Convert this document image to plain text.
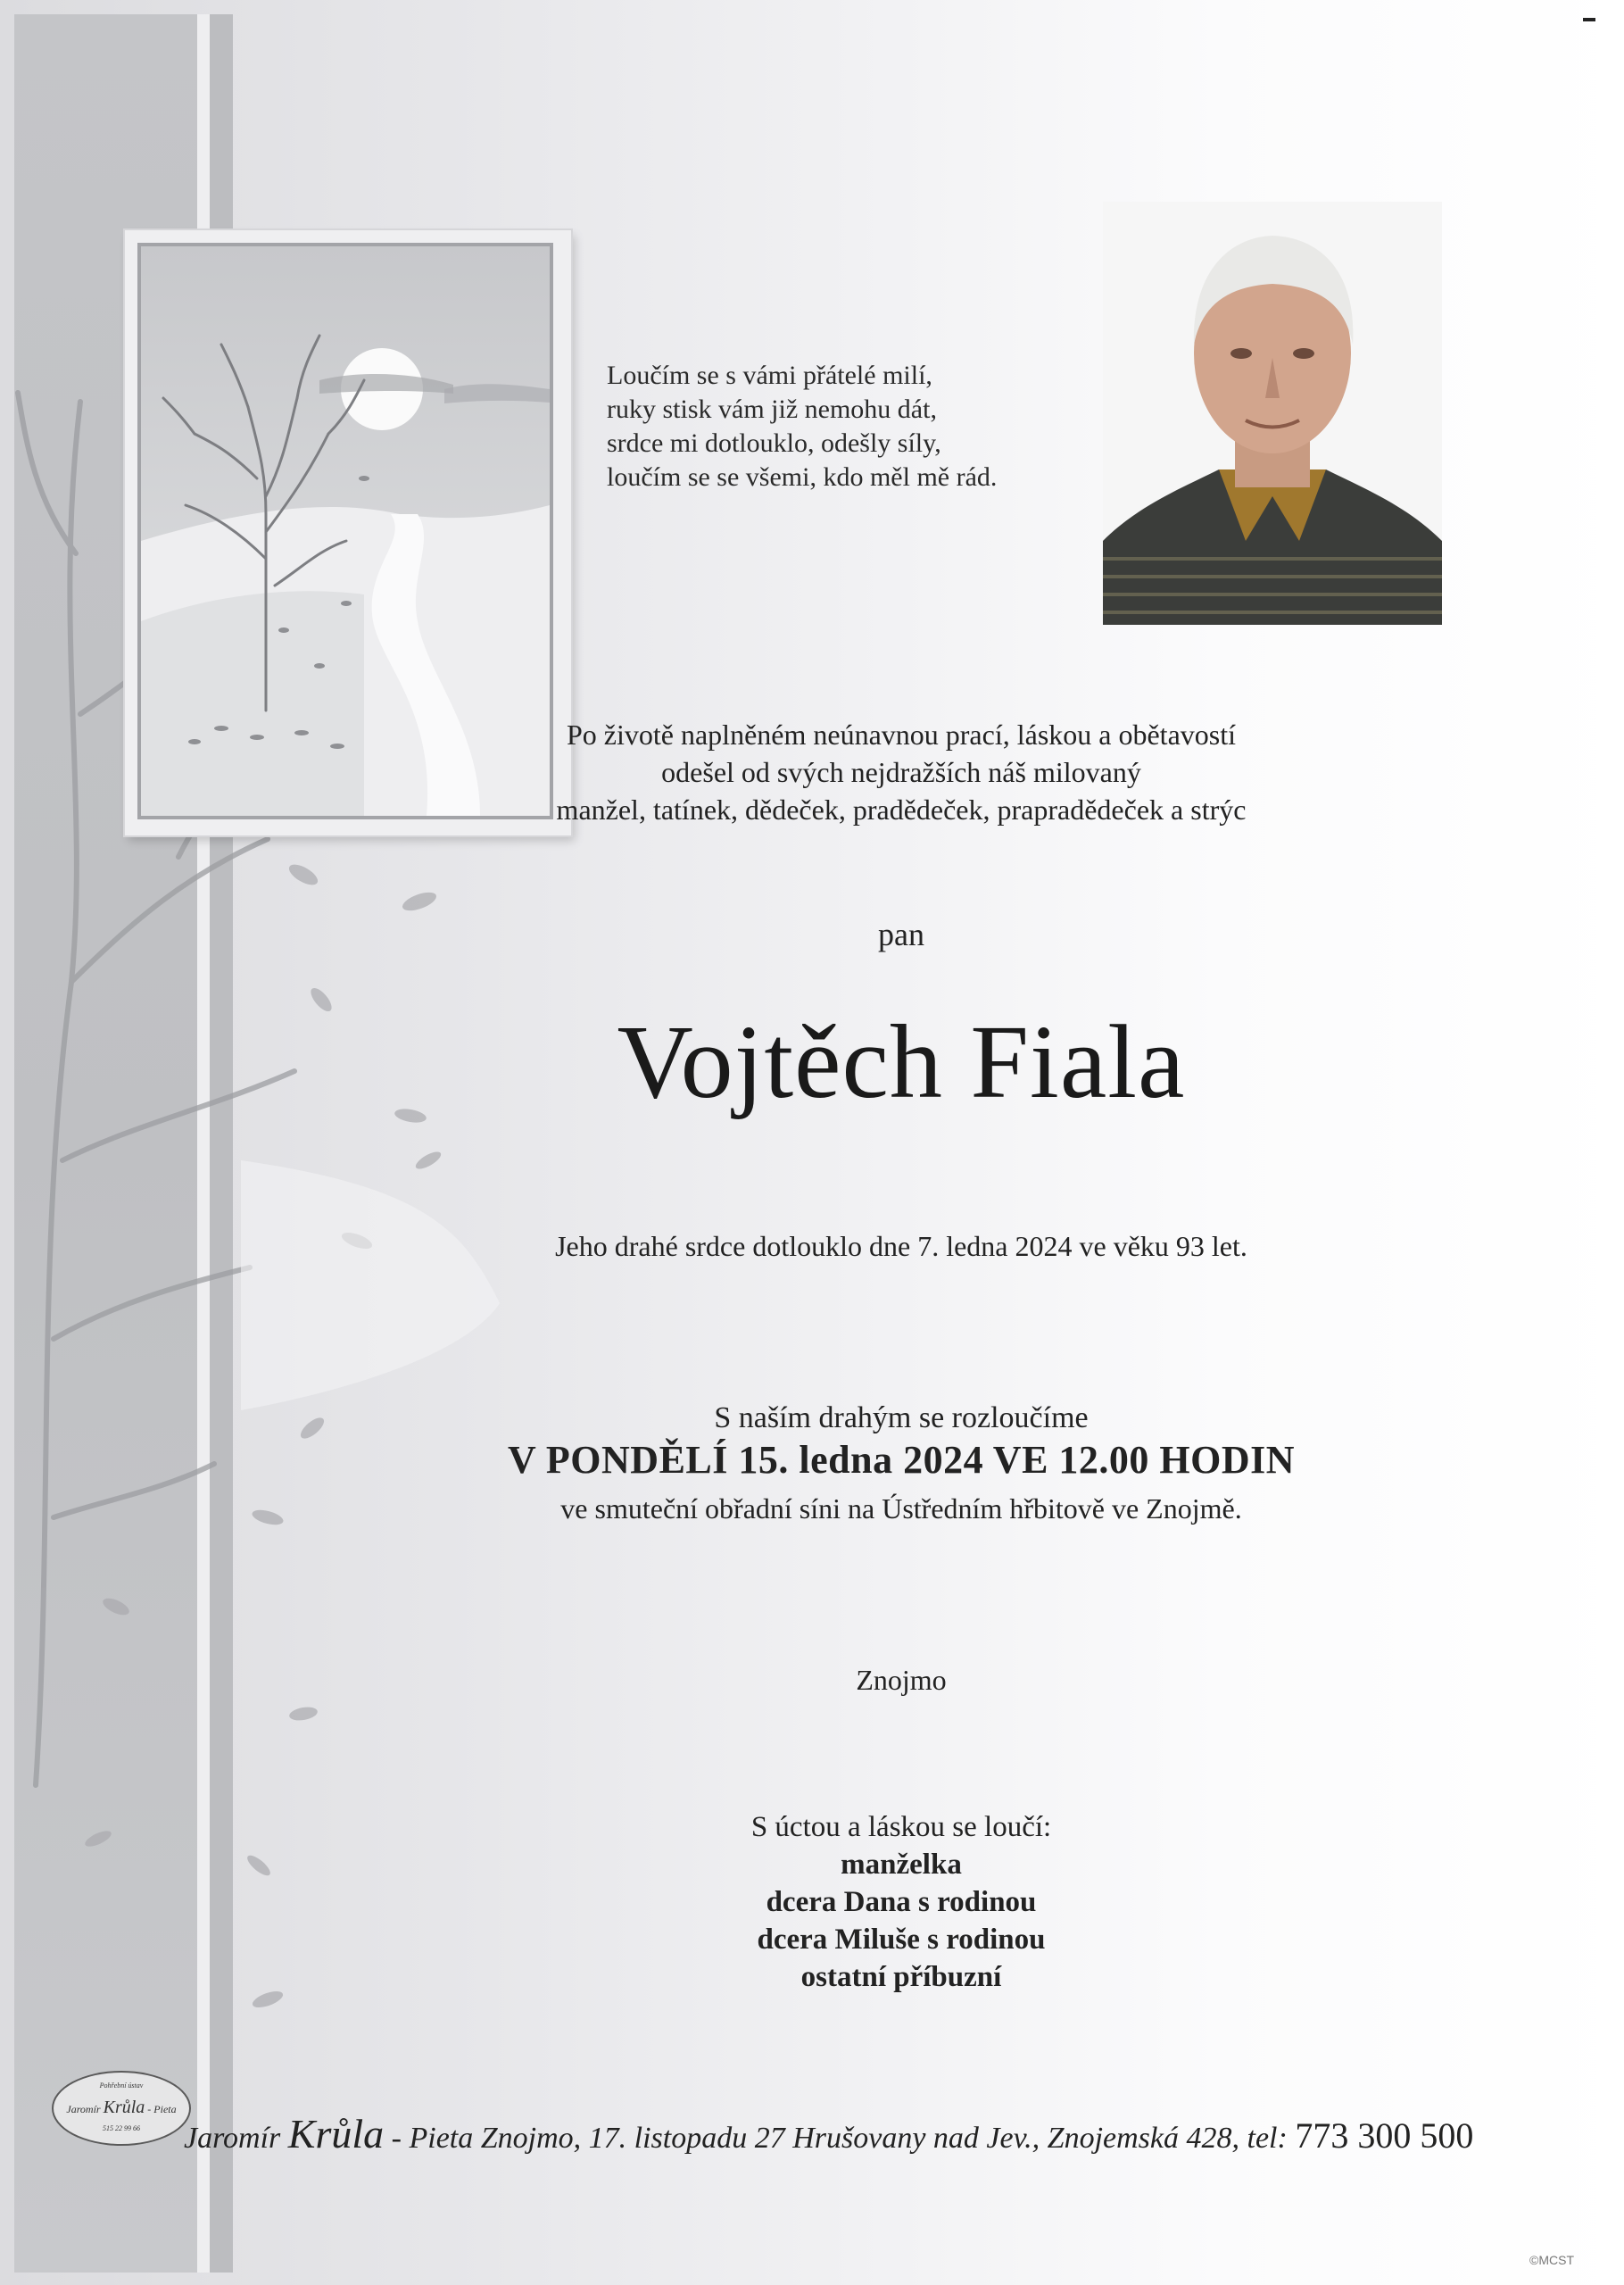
Loučím se s vámi přátelé milí,
ruky stisk vám již nemohu dát,
srdce mi dotlouklo, odešly síly,
loučím se se všemi, kdo měl mě rád.
Po životě naplněném neúnavnou prací, láskou a obětavostí
odešel od svých nejdražších náš milovaný
manžel, tatínek, dědeček, pradědeček, prapradědeček a strýc
pan
Vojtěch Fiala
Jeho drahé srdce dotlouklo dne 7. ledna 2024 ve věku 93 let.
S naším drahým se rozloučíme
V PONDĚLÍ 15. ledna 2024 VE 12.00 HODIN
ve smuteční obřadní síni na Ústředním hřbitově ve Znojmě.
Znojmo
S úctou a láskou se loučí:
manželka
dcera Dana s rodinou
dcera Miluše s rodinou
ostatní příbuzní
Pohřební ústav
Jaromír Krůla - Pieta
515 22 99 66	Jaromír Krůla - Pieta Znojmo, 17. listopadu 27 Hrušovany nad Jev., Znojemská 428, tel: 773 300 500
©MCST
